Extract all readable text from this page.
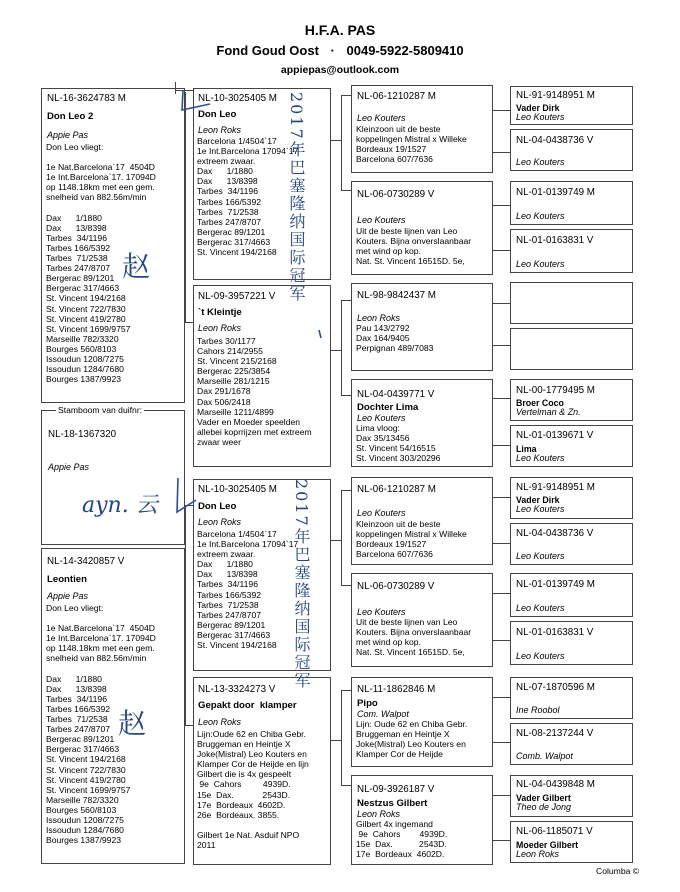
H.F.A. PAS
Fond Goud Oost · 0049-5922-5809410
appiepas@outlook.com
NL-16-3624783 M
Don Leo 2
Appie Pas
Don Leo vliegt:

1e Nat.Barcelona`17  4504D
1e Int.Barcelona`17. 17094D
op 1148.18km met een gem.
snelheid van 882.56m/min

Dax      1/1880
Dax      13/8398
Tarbes  34/1196
Tarbes 166/5392
Tarbes  71/2538
Tarbes 247/8707
Bergerac 89/1201
Bergerac 317/4663
St. Vincent 194/2168
St. Vincent 722/7830
St. Vincent 419/2780
St. Vincent 1699/9757
Marseille 782/3320
Bourges 560/8103
Issoudun 1208/7275
Issoudun 1284/7680
Bourges 1387/9923
Stamboom van duifnr:
NL-18-1367320
Appie Pas
NL-14-3420857 V
Leontien
Appie Pas
Don Leo vliegt:

1e Nat.Barcelona`17  4504D
1e Int.Barcelona`17. 17094D
op 1148.18km met een gem.
snelheid van 882.56m/min

Dax      1/1880
Dax      13/8398
Tarbes  34/1196
Tarbes 166/5392
Tarbes  71/2538
Tarbes 247/8707
Bergerac 89/1201
Bergerac 317/4663
St. Vincent 194/2168
St. Vincent 722/7830
St. Vincent 419/2780
St. Vincent 1699/9757
Marseille 782/3320
Bourges 560/8103
Issoudun 1208/7275
Issoudun 1284/7680
Bourges 1387/9923
NL-10-3025405 M
Don Leo
Leon Roks
Barcelona 1/4504`17
1e Int.Barcelona 17094`17
extreem zwaar.
Dax      1/1880
Dax      13/8398
Tarbes  34/1196
Tarbes 166/5392
Tarbes  71/2538
Tarbes 247/8707
Bergerac 89/1201
Bergerac 317/4663
St. Vincent 194/2168
NL-09-3957221 V
`t Kleintje
Leon Roks
Tarbes 30/1177
Cahors 214/2955
St. Vincent 215/2168
Bergerac 225/3854
Marseille 281/1215
Dax 291/1678
Dax 506/2418
Marseille 1211/4899
Vader en Moeder speelden
allebei koprrijzen met extreem
zwaar weer
NL-10-3025405 M
Don Leo
Leon Roks
Barcelona 1/4504`17
1e Int.Barcelona 17094`17
extreem zwaar.
Dax      1/1880
Dax      13/8398
Tarbes  34/1196
Tarbes 166/5392
Tarbes  71/2538
Tarbes 247/8707
Bergerac 89/1201
Bergerac 317/4663
St. Vincent 194/2168
NL-13-3324273 V
Gepakt door  klamper
Leon Roks
Lijn:Oude 62 en Chiba Gebr.
Bruggeman en Heintje X
Joke(Mistral) Leo Kouters en
Klamper Cor de Heijde en lijn
Gilbert die is 4x gespeelt
9e  Cahors         4939D.
15e  Dax.            2543D.
17e  Bordeaux  4602D.
26e  Bordeaux. 3855.

Gilbert 1e Nat. Asduif NPO
2011
NL-06-1210287 M
Leo Kouters
Kleinzoon uit de beste
koppelingen Mistral x Willeke
Bordeaux 19/1527
Barcelona 607/7636
NL-06-0730289 V
Leo Kouters
Uit de beste lijnen van Leo
Kouters. Bijna onverslaanbaar
met wind op kop.
Nat. St. Vincent 16515D. 5e,
NL-98-9842437 M
Leon Roks
Pau 143/2792
Dax 164/9405
Perpignan 489/7083
NL-04-0439771 V
Dochter Lima
Leo Kouters
Lima vloog:
Dax 35/13456
St. Vincent 54/16515
St. Vincent 303/20296
NL-06-1210287 M
Leo Kouters
Kleinzoon uit de beste
koppelingen Mistral x Willeke
Bordeaux 19/1527
Barcelona 607/7636
NL-06-0730289 V
Leo Kouters
Uit de beste lijnen van Leo
Kouters. Bijna onverslaanbaar
met wind op kop.
Nat. St. Vincent 16515D. 5e,
NL-11-1862846 M
Pipo
Com. Walpot
Lijn: Oude 62 en Chiba Gebr.
Bruggeman en Heintje X
Joke(Mistral) Leo Kouters en
Klamper Cor de Heijde
NL-09-3926187 V
Nestzus Gilbert
Leon Roks
Gilbert 4x ingemand
9e  Cahors        4939D.
15e  Dax.           2543D.
17e  Bordeaux  4602D.
NL-91-9148951 M
Vader Dirk
Leo Kouters
NL-04-0438736 V
Leo Kouters
NL-01-0139749 M
Leo Kouters
NL-01-0163831 V
Leo Kouters
NL-00-1779495 M
Broer Coco
Vertelman & Zn.
NL-01-0139671 V
Lima
Leo Kouters
NL-91-9148951 M
Vader Dirk
Leo Kouters
NL-04-0438736 V
Leo Kouters
NL-01-0139749 M
Leo Kouters
NL-01-0163831 V
Leo Kouters
NL-07-1870596 M
Ine Roobol
NL-08-2137244 V
Comb. Walpot
NL-04-0439848 M
Vader Gilbert
Theo de Jong
NL-06-1185071 V
Moeder Gilbert
Leon Roks
Columba ©
2017年巴塞隆纳国际冠军
2017年巴塞隆纳国际冠军
赵
赵
ayn. 云
